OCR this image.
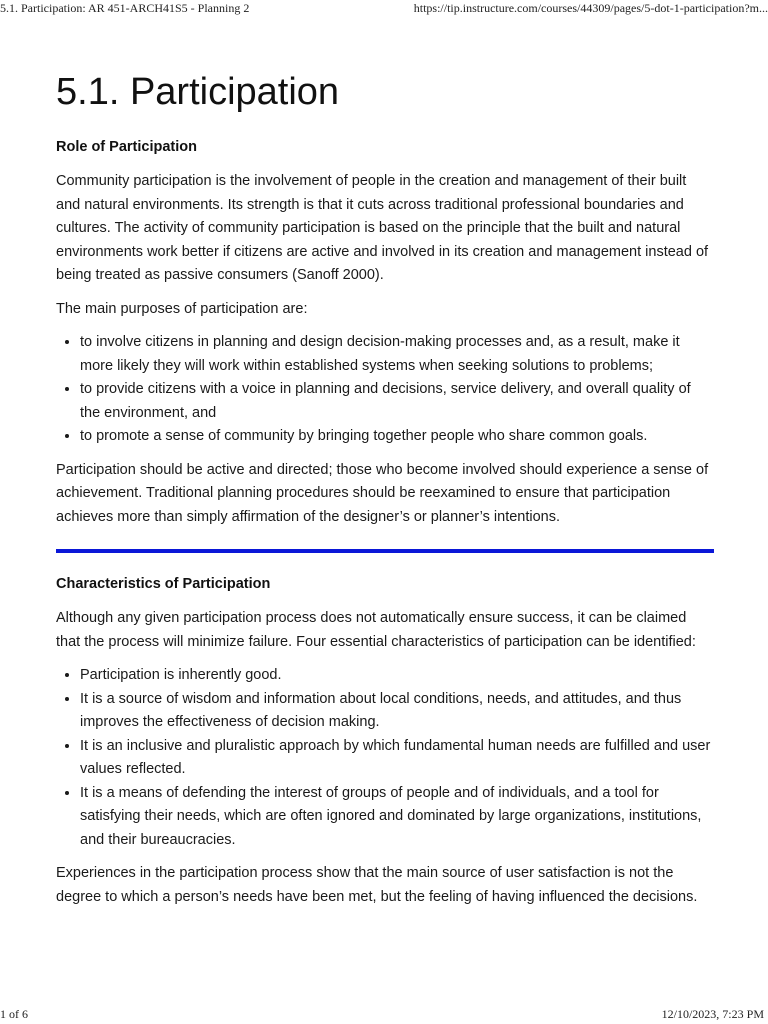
5.1. Participation: AR 451-ARCH41S5 - Planning 2	https://tip.instructure.com/courses/44309/pages/5-dot-1-participation?m...
5.1. Participation
Role of Participation

Community participation is the involvement of people in the creation and management of their built and natural environments. Its strength is that it cuts across traditional professional boundaries and cultures. The activity of community participation is based on the principle that the built and natural environments work better if citizens are active and involved in its creation and management instead of being treated as passive consumers (Sanoff 2000).

The main purposes of participation are:

• to involve citizens in planning and design decision-making processes and, as a result, make it more likely they will work within established systems when seeking solutions to problems;
• to provide citizens with a voice in planning and decisions, service delivery, and overall quality of the environment, and
• to promote a sense of community by bringing together people who share common goals.

Participation should be active and directed; those who become involved should experience a sense of achievement. Traditional planning procedures should be reexamined to ensure that participation achieves more than simply affirmation of the designer’s or planner’s intentions.

Characteristics of Participation

Although any given participation process does not automatically ensure success, it can be claimed that the process will minimize failure. Four essential characteristics of participation can be identified:

• Participation is inherently good.
• It is a source of wisdom and information about local conditions, needs, and attitudes, and thus improves the effectiveness of decision making.
• It is an inclusive and pluralistic approach by which fundamental human needs are fulfilled and user values reflected.
• It is a means of defending the interest of groups of people and of individuals, and a tool for satisfying their needs, which are often ignored and dominated by large organizations, institutions, and their bureaucracies.

Experiences in the participation process show that the main source of user satisfaction is not the degree to which a person’s needs have been met, but the feeling of having influenced the decisions.

1 of 6	12/10/2023, 7:23 PM
